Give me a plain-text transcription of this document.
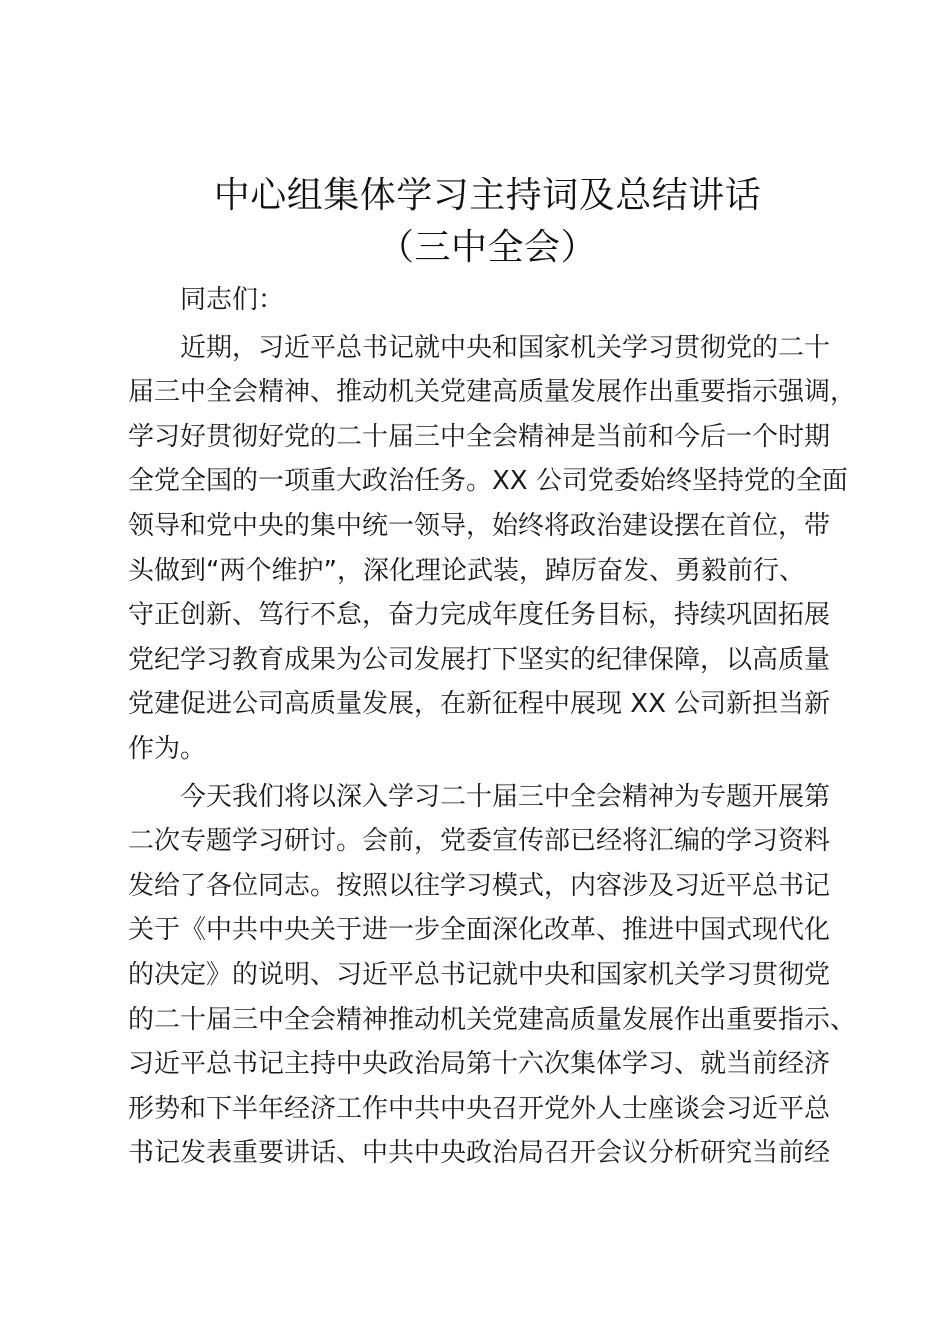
中心组集体学习主持词及总结讲话
（三中全会）
同志们：
近期，习近平总书记就中央和国家机关学习贯彻党的二十
届三中全会精神、推动机关党建高质量发展作出重要指示强调，
学习好贯彻好党的二十届三中全会精神是当前和今后一个时期
全党全国的一项重大政治任务。XX 公司党委始终坚持党的全面
领导和党中央的集中统一领导，始终将政治建设摆在首位，带
头做到“两个维护”，深化理论武装，踔厉奋发、勇毅前行、
守正创新、笃行不怠，奋力完成年度任务目标，持续巩固拓展
党纪学习教育成果为公司发展打下坚实的纪律保障，以高质量
党建促进公司高质量发展，在新征程中展现 XX 公司新担当新
作为。
今天我们将以深入学习二十届三中全会精神为专题开展第
二次专题学习研讨。会前，党委宣传部已经将汇编的学习资料
发给了各位同志。按照以往学习模式，内容涉及习近平总书记
关于《中共中央关于进一步全面深化改革、推进中国式现代化
的决定》的说明、习近平总书记就中央和国家机关学习贯彻党
的二十届三中全会精神推动机关党建高质量发展作出重要指示、
习近平总书记主持中央政治局第十六次集体学习、就当前经济
形势和下半年经济工作中共中央召开党外人士座谈会习近平总
书记发表重要讲话、中共中央政治局召开会议分析研究当前经
